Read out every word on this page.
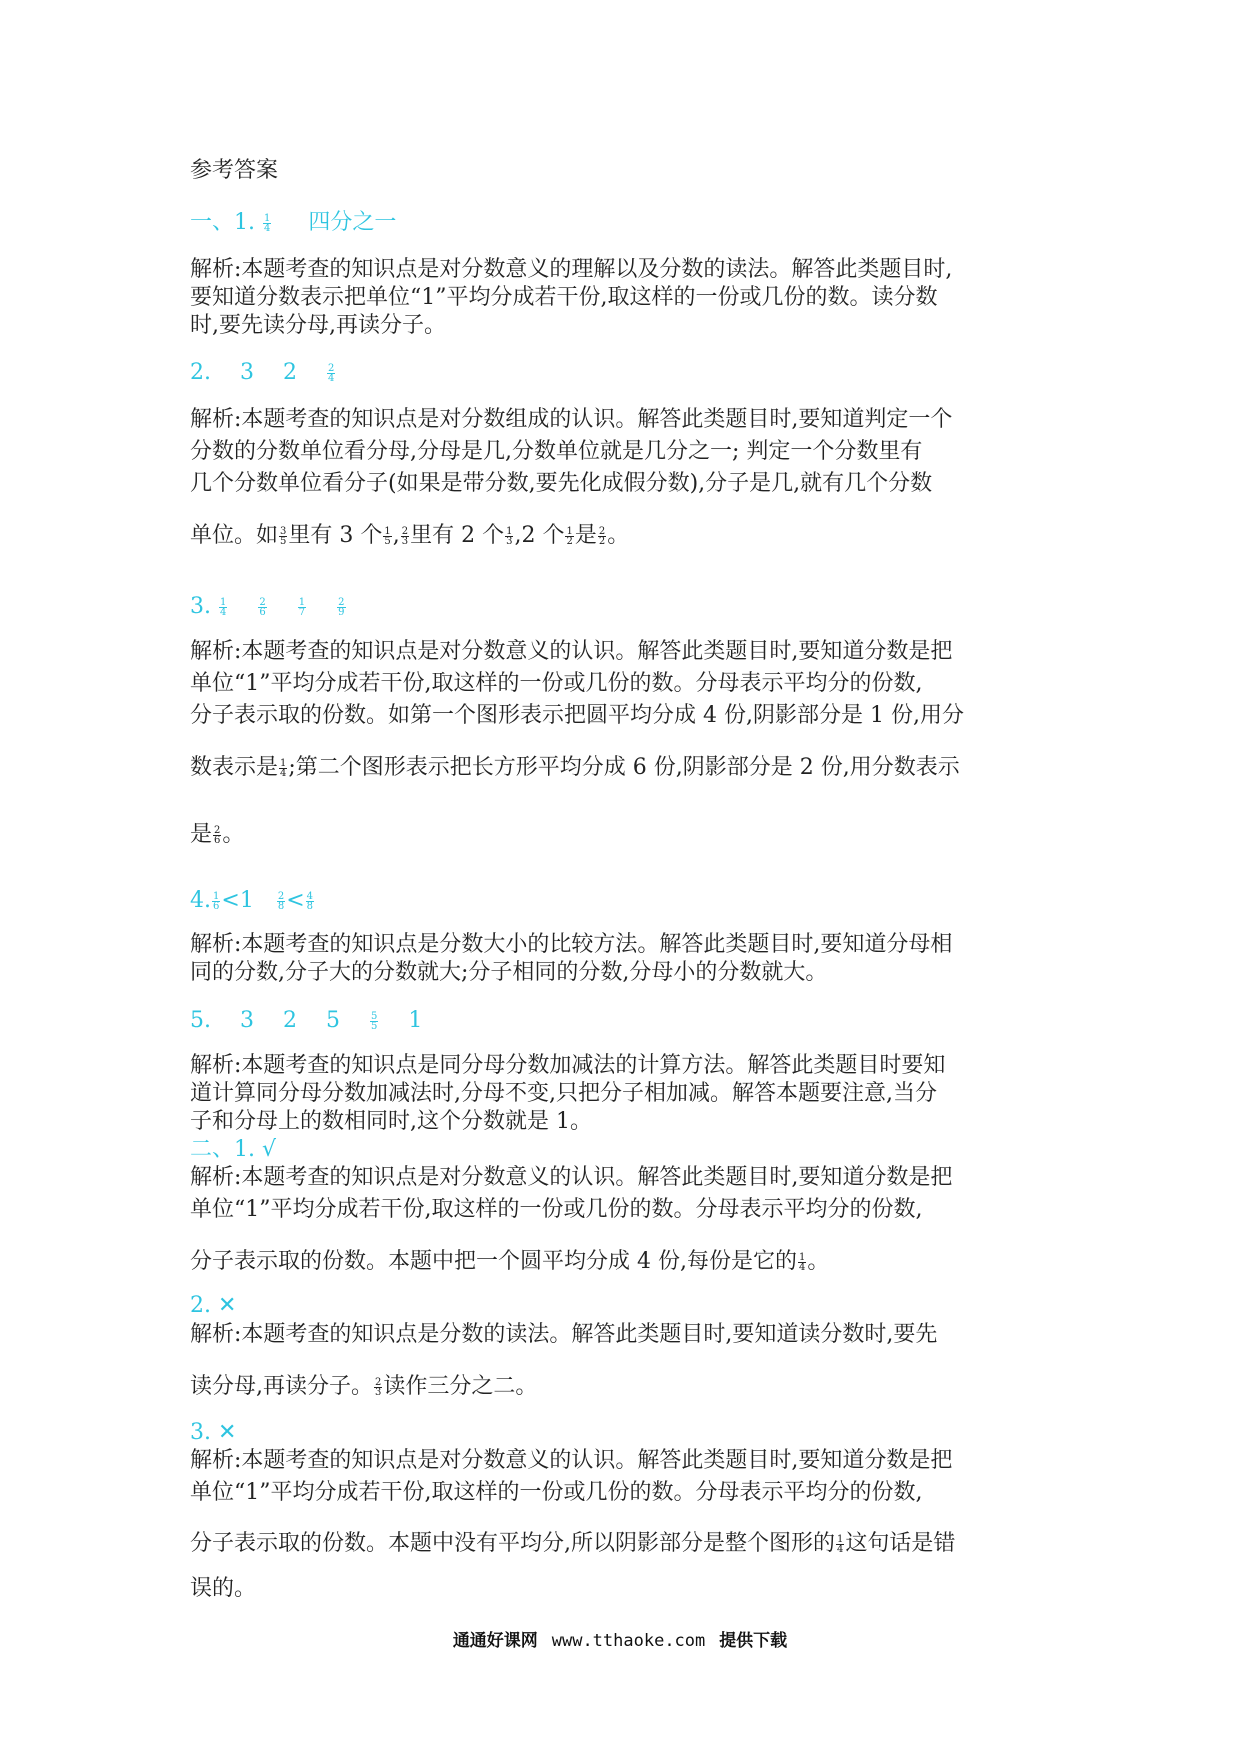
参考答案
一、1. $\frac{1}{4}$ 四分之一
解析:本题考查的知识点是对分数意义的理解以及分数的读法。解答此类题目时,
要知道分数表示把单位“1”平均分成若干份,取这样的一份或几份的数。读分数
时,要先读分母,再读分子。
2. 3 2	$\frac{2}{4}$
解析:本题考查的知识点是对分数组成的认识。解答此类题目时,要知道判定一个
分数的分数单位看分母,分母是几,分数单位就是几分之一; 判定一个分数里有
几个分数单位看分子(如果是带分数,要先化成假分数),分子是几,就有几个分数
单位。如 $\frac{3}{5}$ 里有 3 个 $\frac{1}{5}$ , $\frac{2}{3}$ 里有 2 个 $\frac{1}{3} ,2$ 个 $\frac{1}{2}$ 是 $\frac{2}{2}$ 。
3. $\frac{1}{4}$
	$\frac{2}{6}$
	$\frac{1}{7}$
	$\frac{2}{9}$
解析:本题考查的知识点是对分数意义的认识。解答此类题目时,要知道分数是把
单位“1”平均分成若干份,取这样的一份或几份的数。分母表示平均分的份数,
分子表示取的份数。如第一个图形表示把圆平均分成 4 份,阴影部分是 1 份,用分
数表示是 $\frac{1}{4}$ ;第二个图形表示把长方形平均分成 6 份,阴影部分是 2 份,用分数表示
是 $\frac{2}{6}$ 。
4. $\frac{1}{6} <1 \frac{2}{8} < \frac{4}{8}$
解析:本题考查的知识点是分数大小的比较方法。解答此类题目时,要知道分母相
同的分数,分子大的分数就大;分子相同的分数,分母小的分数就大。
5. 3 2 5	$\frac{5}{5} 1$
解析:本题考查的知识点是同分母分数加减法的计算方法。解答此类题目时要知
道计算同分母分数加减法时,分母不变,只把分子相加减。解答本题要注意,当分
子和分母上的数相同时,这个分数就是 1。
二、1. √
解析:本题考查的知识点是对分数意义的认识。解答此类题目时,要知道分数是把
单位“1”平均分成若干份,取这样的一份或几份的数。分母表示平均分的份数,
分子表示取的份数。本题中把一个圆平均分成 4 份,每份是它的 $\frac{1}{4}$ 。
2. ✕
解析:本题考查的知识点是分数的读法。解答此类题目时,要知道读分数时,要先
读分母,再读分子。 $\frac{2}{3}$ 读作三分之二。
3. ✕
解析:本题考查的知识点是对分数意义的认识。解答此类题目时,要知道分数是把
单位“1”平均分成若干份,取这样的一份或几份的数。分母表示平均分的份数,
分子表示取的份数。本题中没有平均分,所以阴影部分是整个图形的 $\frac{1}{4}$ 这句话是错
误的。
通通好课网 www.tthaoke.com 提供下载
